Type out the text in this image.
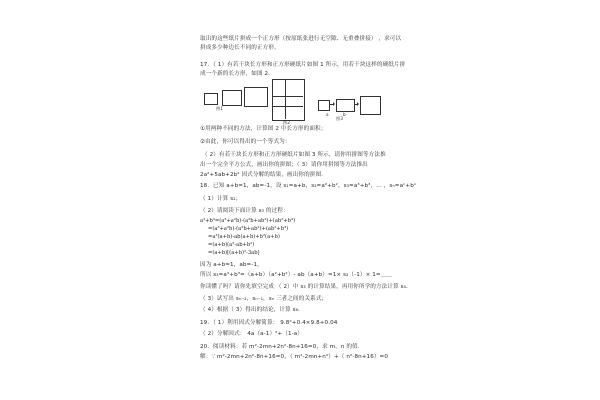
取出的这些纸片拼成一个正方形（按原纸张进行无空隙、无重叠拼接） ，求可以
拼成多少种边长不同的正方形。
17．（ 1）有若干块长方形和正方形硬纸片如图 1 所示，用若干块这样的硬纸片拼
成一个新的长方形，如图 2．
图1
图2
a	b
图3
①用两种不同的方法，计算图 2 中长方形的面积；
②由此，你可以得出的一个等式为：
（ 2）有若干块长方形和正方形硬纸片如图 3 所示，请你用拼图等方法推
出一个完全平方公式，画出你的拼图；（ 3）请你用拼图等方法推出
2a²+5ab+2b² 因式分解的结果，画出你的拼图．
18．已知 a+b=1，ab=-1，设 s₁=a+b，s₂=a²+b²，s₃=a³+b³，… ，sₙ=aⁿ+bⁿ
（ 1）计算 s₂；
（ 2）请阅读下面计算 s₃ 的过程：
a³+b³=(a³+a²b)-(a²b+ab²)+(ab²+b³)
=(a³+a²b)-(a²b+ab²)+(ab²+b³)
=a²(a+b)-ab(a+b)+b²(a+b)
=(a+b)(a²-ab+b²)
=(a+b)[(a+b)²-3ab]
因为 a+b=1，ab=-1，
所以 s₃=a³+b³=（a+b）（a²+b²）- ab（a+b）=1× s₂（-1）× 1=＿＿
你读懂了吗？请你先填空完成 （ 2）中 s₃ 的计算结果，再用你所学的方法计算 s₄．
（ 3）试写出 sₙ₋₂，sₙ₋₁，sₙ 三者之间的关系式；
（ 4）根据（ 3）得出的结论，计算 s₆．
19．（ 1）利用因式分解简算： 9.8²+0.4×9.8+0.04
（ 2）分解因式： 4a（a-1）²+（1-a）
20．阅读材料：若 m²-2mn+2n²-8n+16=0，求 m、n 的值．
解：∵ m²-2mn+2n²-8n+16=0，（ m²-2mn+n²）+（ n²-8n+16）=0
